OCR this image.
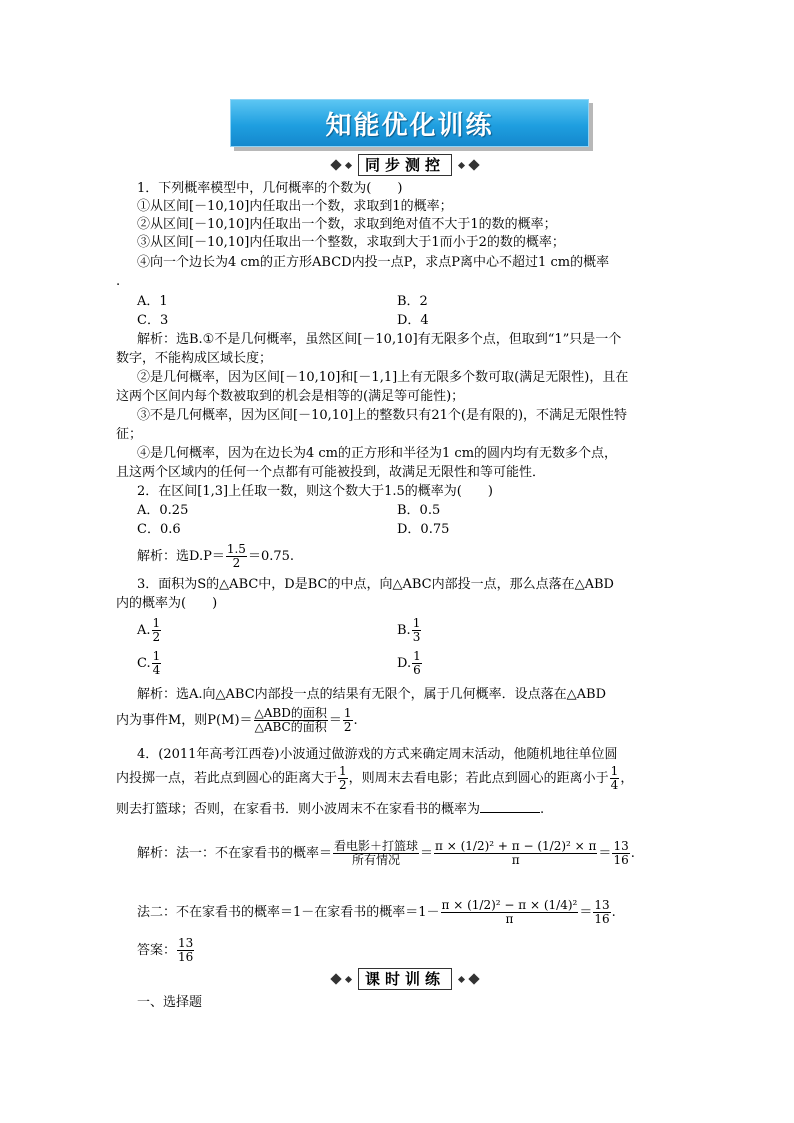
知能优化训练
同步测控
1．下列概率模型中，几何概率的个数为(　　)
①从区间[－10,10]内任取出一个数，求取到1的概率；
②从区间[－10,10]内任取出一个数，求取到绝对值不大于1的数的概率；
③从区间[－10,10]内任取出一个整数，求取到大于1而小于2的数的概率；
④向一个边长为4 cm的正方形ABCD内投一点P，求点P离中心不超过1 cm的概率
.
A．1	B．2
C．3	D．4
解析：选B.①不是几何概率，虽然区间[－10,10]有无限多个点，但取到“1”只是一个
数字，不能构成区域长度；
②是几何概率，因为区间[－10,10]和[－1,1]上有无限多个数可取(满足无限性)，且在
这两个区间内每个数被取到的机会是相等的(满足等可能性)；
③不是几何概率，因为区间[－10,10]上的整数只有21个(是有限的)，不满足无限性特
征；
④是几何概率，因为在边长为4 cm的正方形和半径为1 cm的圆内均有无数多个点，
且这两个区域内的任何一个点都有可能被投到，故满足无限性和等可能性．
2．在区间[1,3]上任取一数，则这个数大于1.5的概率为(　　)
A．0.25	B．0.5
C．0.6	D．0.75
解析：选$D.P= \frac{1.5}{2} =0.75$.
3．面积为S的△ABC中，D是BC的中点，向△ABC内部投一点，那么点落在△ABD
内的概率为(　　)
A. $\frac{1}{2}$	B. $\frac{1}{3}$
C. $\frac{1}{4}$	D. $\frac{1}{6}$
解析：选A.向△ABC内部投一点的结果有无限个，属于几何概率．设点落在△ABD
内为事件M，则$P(M)= \frac{\text{△ABD的面积}}{\text{△ABC的面积}} = \frac{1}{2}$ .
4．(2011年高考江西卷)小波通过做游戏的方式来确定周末活动，他随机地往单位圆
内投掷一点，若此点到圆心的距离大于 $\frac{1}{2}$ ，则周末去看电影；若此点到圆心的距离小于 $\frac{1}{4}$ ，
则去打篮球；否则，在家看书．则小波周末不在家看书的概率为	.
解析：法一：不在家看书的概率＝ $\frac{\text{看电影＋打篮球}}{\text{所有情况}} = \frac{\text{π × (1/2)² + π − (1/2)² × π}}{\pi} = \frac{13}{16}$ .
法二：不在家看书的概率＝1－在家看书的概率$=1- \frac{\text{π × (1/2)² − π × (1/4)²}}{\pi} = \frac{13}{16}$ .
答案： $\frac{13}{16}$
课时训练
一、选择题
